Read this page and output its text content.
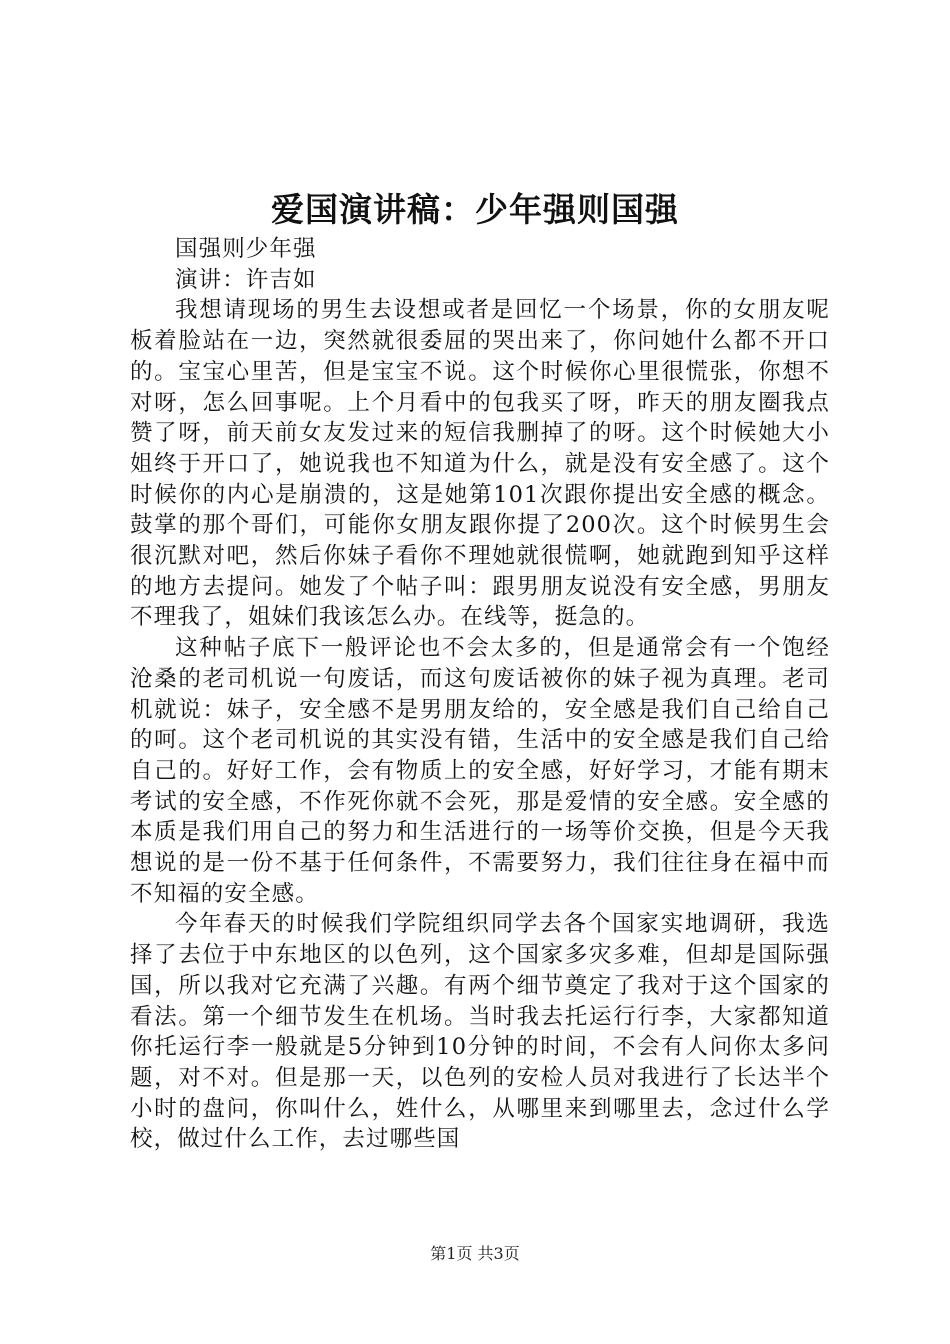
爱国演讲稿：少年强则国强

国强则少年强

演讲：许吉如

我想请现场的男生去设想或者是回忆一个场景，你的女朋友呢板着脸站在一边，突然就很委屈的哭出来了，你问她什么都不开口的。宝宝心里苦，但是宝宝不说。这个时候你心里很慌张，你想不对呀，怎么回事呢。上个月看中的包我买了呀，昨天的朋友圈我点赞了呀，前天前女友发过来的短信我删掉了的呀。这个时候她大小姐终于开口了，她说我也不知道为什么，就是没有安全感了。这个时候你的内心是崩溃的，这是她第101次跟你提出安全感的概念。鼓掌的那个哥们，可能你女朋友跟你提了200次。这个时候男生会很沉默对吧，然后你妹子看你不理她就很慌啊，她就跑到知乎这样的地方去提问。她发了个帖子叫：跟男朋友说没有安全感，男朋友不理我了，姐妹们我该怎么办。在线等，挺急的。

这种帖子底下一般评论也不会太多的，但是通常会有一个饱经沧桑的老司机说一句废话，而这句废话被你的妹子视为真理。老司机就说：妹子，安全感不是男朋友给的，安全感是我们自己给自己的呵。这个老司机说的其实没有错，生活中的安全感是我们自己给自己的。好好工作，会有物质上的安全感，好好学习，才能有期末考试的安全感，不作死你就不会死，那是爱情的安全感。安全感的本质是我们用自己的努力和生活进行的一场等价交换，但是今天我想说的是一份不基于任何条件，不需要努力，我们往往身在福中而不知福的安全感。

今年春天的时候我们学院组织同学去各个国家实地调研，我选择了去位于中东地区的以色列，这个国家多灾多难，但却是国际强国，所以我对它充满了兴趣。有两个细节奠定了我对于这个国家的看法。第一个细节发生在机场。当时我去托运行行李，大家都知道你托运行李一般就是5分钟到10分钟的时间，不会有人问你太多问题，对不对。但是那一天，以色列的安检人员对我进行了长达半个小时的盘问，你叫什么，姓什么，从哪里来到哪里去，念过什么学校，做过什么工作，去过哪些国

第1页 共3页
